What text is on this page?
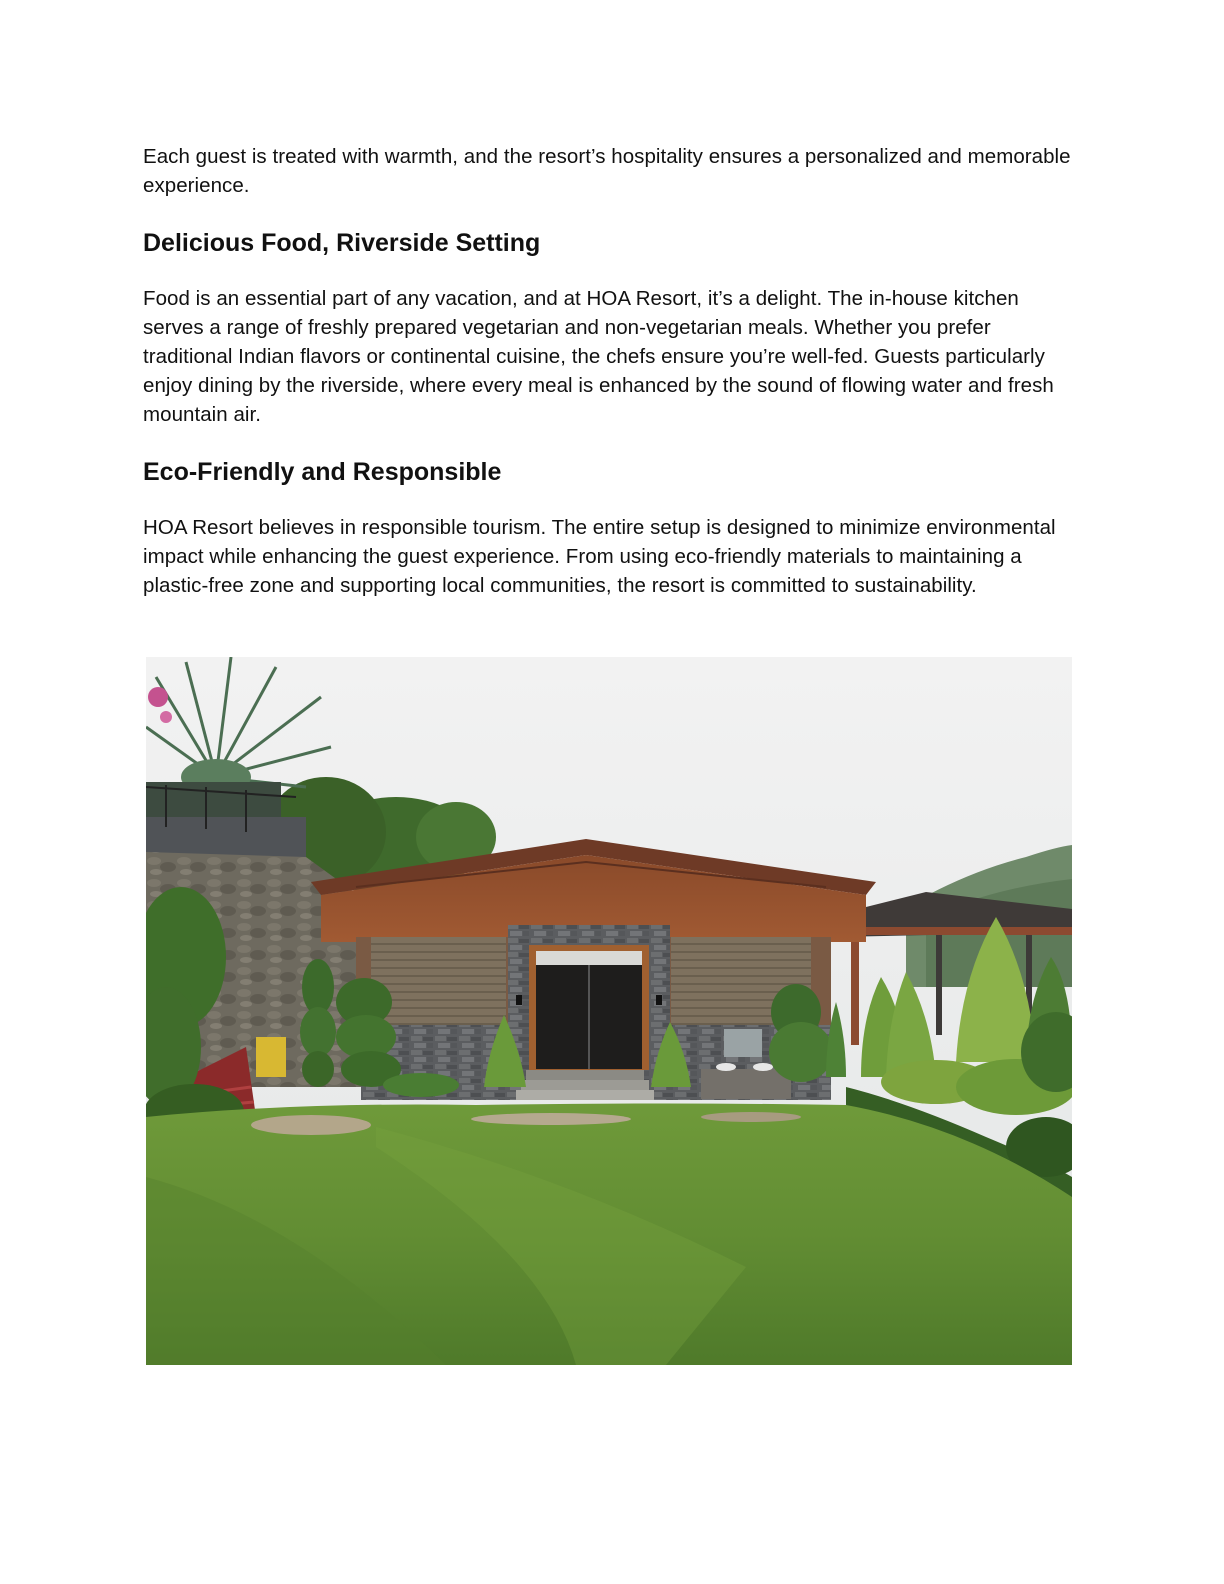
Each guest is treated with warmth, and the resort’s hospitality ensures a personalized and memorable experience.

Delicious Food, Riverside Setting

Food is an essential part of any vacation, and at HOA Resort, it’s a delight. The in-house kitchen serves a range of freshly prepared vegetarian and non-vegetarian meals. Whether you prefer traditional Indian flavors or continental cuisine, the chefs ensure you’re well-fed. Guests particularly enjoy dining by the riverside, where every meal is enhanced by the sound of flowing water and fresh mountain air.

Eco-Friendly and Responsible

HOA Resort believes in responsible tourism. The entire setup is designed to minimize environmental impact while enhancing the guest experience. From using eco-friendly materials to maintaining a plastic-free zone and supporting local communities, the resort is committed to sustainability.
